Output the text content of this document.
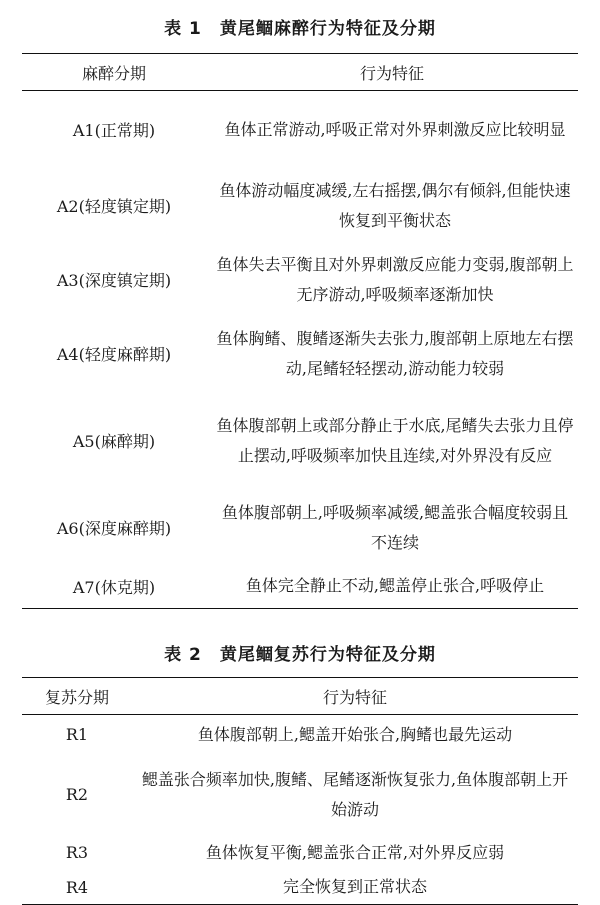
表 1 黄尾鲴麻醉行为特征及分期
麻醉分期	行为特征
A1(正常期)	鱼体正常游动,呼吸正常对外界刺激反应比较明显
A2(轻度镇定期)	鱼体游动幅度减缓,左右摇摆,偶尔有倾斜,但能快速恢复到平衡状态
A3(深度镇定期)	鱼体失去平衡且对外界刺激反应能力变弱,腹部朝上无序游动,呼吸频率逐渐加快
A4(轻度麻醉期)	鱼体胸鳍、腹鳍逐渐失去张力,腹部朝上原地左右摆动,尾鳍轻轻摆动,游动能力较弱
A5(麻醉期)	鱼体腹部朝上或部分静止于水底,尾鳍失去张力且停止摆动,呼吸频率加快且连续,对外界没有反应
A6(深度麻醉期)	鱼体腹部朝上,呼吸频率减缓,鳃盖张合幅度较弱且不连续
A7(休克期)	鱼体完全静止不动,鳃盖停止张合,呼吸停止
表 2 黄尾鲴复苏行为特征及分期
复苏分期	行为特征
R1	鱼体腹部朝上,鳃盖开始张合,胸鳍也最先运动
R2	鳃盖张合频率加快,腹鳍、尾鳍逐渐恢复张力,鱼体腹部朝上开始游动
R3	鱼体恢复平衡,鳃盖张合正常,对外界反应弱
R4	完全恢复到正常状态
